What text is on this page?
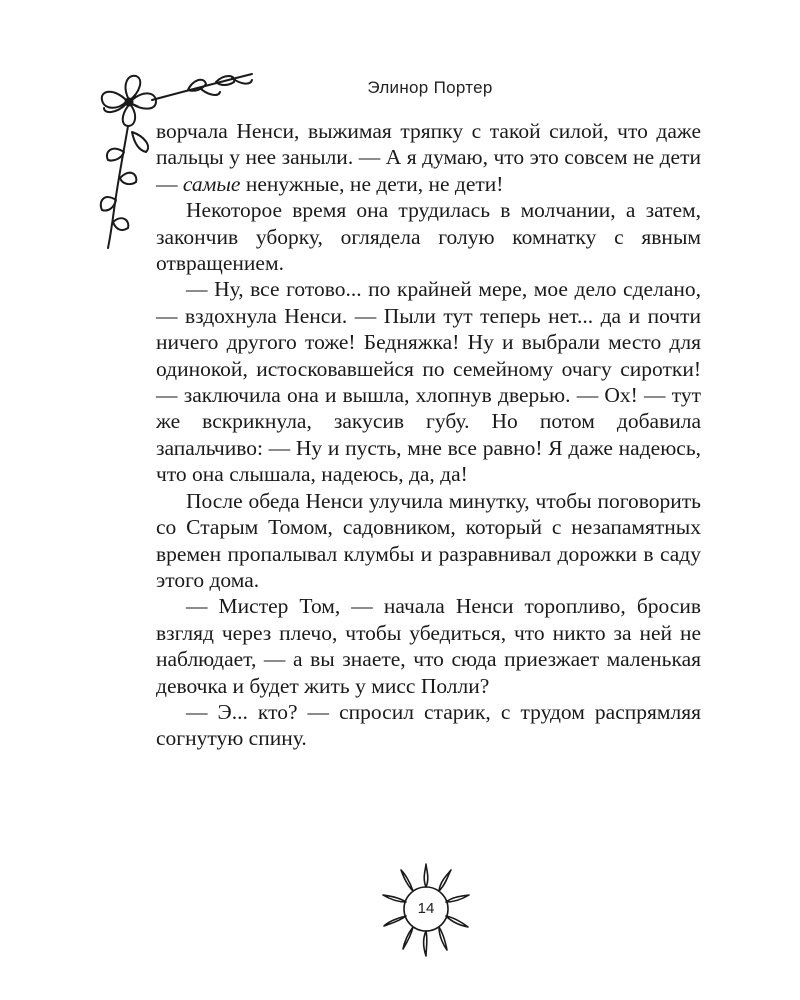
Элинор Портер

ворчала Ненси, выжимая тряпку с такой силой, что даже пальцы у нее заныли. — А я думаю, что это совсем не дети — самые ненужные, не дети, не дети!

Некоторое время она трудилась в молчании, а затем, закончив уборку, оглядела голую комнатку с явным отвращением.

— Ну, все готово... по крайней мере, мое дело сделано, — вздохнула Ненси. — Пыли тут теперь нет... да и почти ничего другого тоже! Бедняжка! Ну и выбрали место для одинокой, истосковавшейся по семейному очагу сиротки! — заключила она и вышла, хлопнув дверью. — Ох! — тут же вскрикнула, закусив губу. Но потом добавила запальчиво: — Ну и пусть, мне все равно! Я даже надеюсь, что она слышала, надеюсь, да, да!

После обеда Ненси улучила минутку, чтобы поговорить со Старым Томом, садовником, который с незапамятных времен пропалывал клумбы и разравнивал дорожки в саду этого дома.

— Мистер Том, — начала Ненси торопливо, бросив взгляд через плечо, чтобы убедиться, что никто за ней не наблюдает, — а вы знаете, что сюда приезжает маленькая девочка и будет жить у мисс Полли?

— Э... кто? — спросил старик, с трудом распрямляя согнутую спину.

14
